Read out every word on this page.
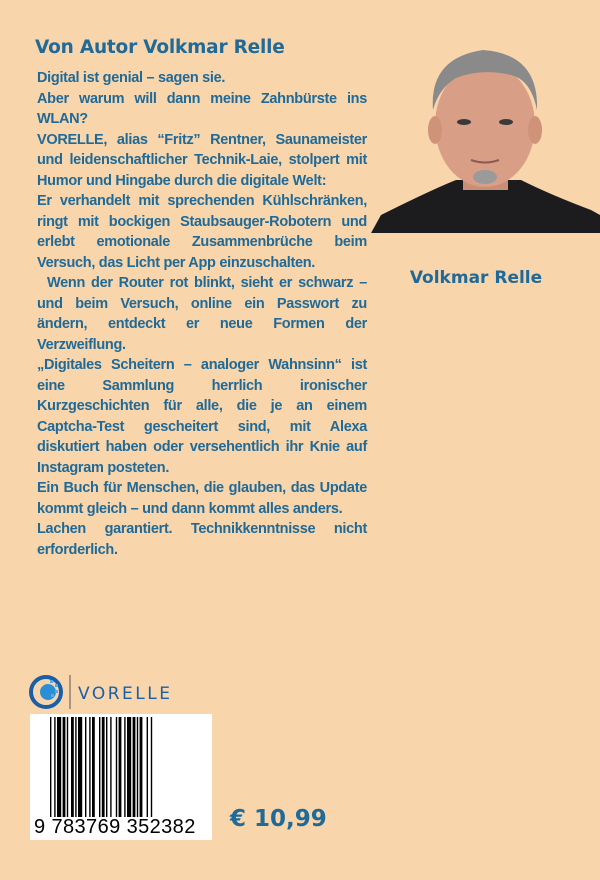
Von Autor Volkmar Relle

Digital ist genial – sagen sie.

Aber warum will dann meine Zahnbürste ins WLAN?

VORELLE, alias “Fritz” Rentner, Saunameister und leidenschaftlicher Technik-Laie, stolpert mit Humor und Hingabe durch die digitale Welt:

Er verhandelt mit sprechenden Kühlschränken, ringt mit bockigen Staubsauger-Robotern und erlebt emotionale Zusammenbrüche beim Versuch, das Licht per App einzuschalten.

Wenn der Router rot blinkt, sieht er schwarz – und beim Versuch, online ein Passwort zu ändern, entdeckt er neue Formen der Verzweiflung.

„Digitales Scheitern – analoger Wahnsinn“ ist eine Sammlung herrlich ironischer Kurzgeschichten für alle, die je an einem Captcha-Test gescheitert sind, mit Alexa diskutiert haben oder versehentlich ihr Knie auf Instagram posteten.

Ein Buch für Menschen, die glauben, das Update kommt gleich – und dann kommt alles anders.

Lachen garantiert. Technikkenntnisse nicht erforderlich.

Volkmar Relle
VORELLE
9 783769 352382 € 10,99
